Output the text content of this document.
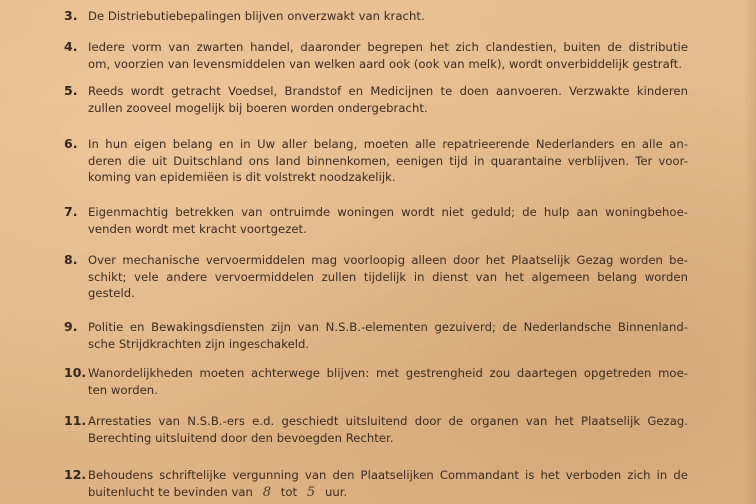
3. De Distriebutiebepalingen blijven onverzwakt van kracht.
4. Iedere vorm van zwarten handel, daaronder begrepen het zich clandestien, buiten de distributie
om, voorzien van levensmiddelen van welken aard ook (ook van melk), wordt onverbiddelijk gestraft.
5. Reeds wordt getracht Voedsel, Brandstof en Medicijnen te doen aanvoeren. Verzwakte kinderen
zullen zooveel mogelijk bij boeren worden ondergebracht.
6. In hun eigen belang en in Uw aller belang, moeten alle repatrieerende Nederlanders en alle an-
deren die uit Duitschland ons land binnenkomen, eenigen tijd in quarantaine verblijven. Ter voor-
koming van epidemiëen is dit volstrekt noodzakelijk.
7. Eigenmachtig betrekken van ontruimde woningen wordt niet geduld; de hulp aan woningbehoe-
venden wordt met kracht voortgezet.
8. Over mechanische vervoermiddelen mag voorloopig alleen door het Plaatselijk Gezag worden be-
schikt; vele andere vervoermiddelen zullen tijdelijk in dienst van het algemeen belang worden
gesteld.
9. Politie en Bewakingsdiensten zijn van N.S.B.-elementen gezuiverd; de Nederlandsche Binnenland-
sche Strijdkrachten zijn ingeschakeld.
10. Wanordelijkheden moeten achterwege blijven: met gestrengheid zou daartegen opgetreden moe-
ten worden.
11. Arrestaties van N.S.B.-ers e.d. geschiedt uitsluitend door de organen van het Plaatselijk Gezag.
Berechting uitsluitend door den bevoegden Rechter.
12. Behoudens schriftelijke vergunning van den Plaatselijken Commandant is het verboden zich in de
buitenlucht te bevinden van 8 tot 5 uur.
